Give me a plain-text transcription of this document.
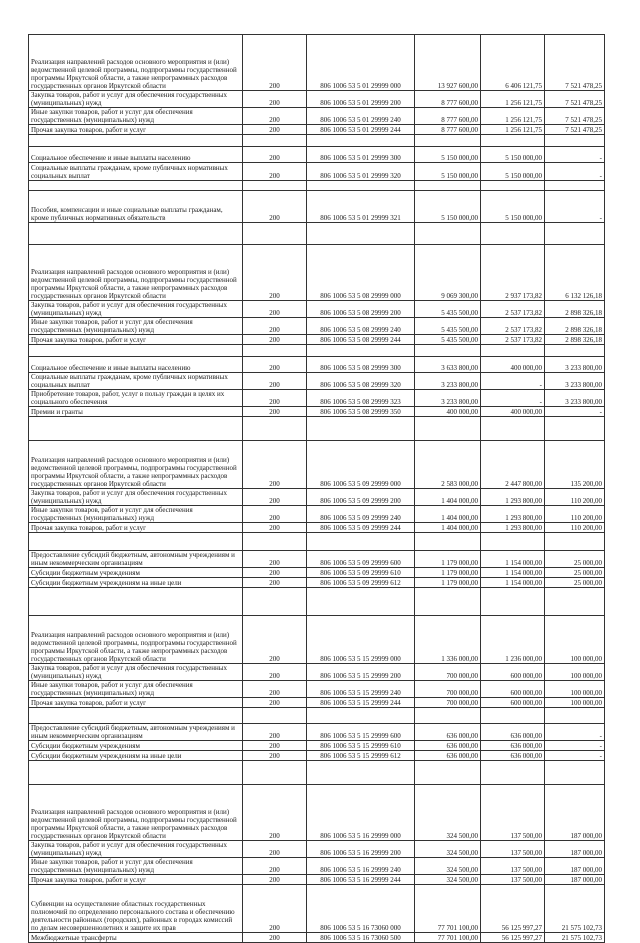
Реализация направлений расходов основного мероприятия и (или) ведомственной целевой программы, подпрограммы государственной программы Иркутской области, а также непрограммных расходов государственных органов Иркутской области	200	806 1006 53 5 01 29999 000	13 927 600,00	6 406 121,75	7 521 478,25
Закупка товаров, работ и услуг для обеспечения государственных (муниципальных) нужд	200	806 1006 53 5 01 29999 200	8 777 600,00	1 256 121,75	7 521 478,25
Иные закупки товаров, работ и услуг для обеспечения государственных (муниципальных) нужд	200	806 1006 53 5 01 29999 240	8 777 600,00	1 256 121,75	7 521 478,25
Прочая закупка товаров, работ и услуг	200	806 1006 53 5 01 29999 244	8 777 600,00	1 256 121,75	7 521 478,25

Социальное обеспечение и иные выплаты населению	200	806 1006 53 5 01 29999 300	5 150 000,00	5 150 000,00	-
Социальные выплаты гражданам, кроме публичных нормативных социальных выплат	200	806 1006 53 5 01 29999 320	5 150 000,00	5 150 000,00	-

Пособия, компенсации и иные социальные выплаты гражданам, кроме публичных нормативных обязательств	200	806 1006 53 5 01 29999 321	5 150 000,00	5 150 000,00	-

Реализация направлений расходов основного мероприятия и (или) ведомственной целевой программы, подпрограммы государственной программы Иркутской области, а также непрограммных расходов государственных органов Иркутской области	200	806 1006 53 5 08 29999 000	9 069 300,00	2 937 173,82	6 132 126,18
Закупка товаров, работ и услуг для обеспечения государственных (муниципальных) нужд	200	806 1006 53 5 08 29999 200	5 435 500,00	2 537 173,82	2 898 326,18
Иные закупки товаров, работ и услуг для обеспечения государственных (муниципальных) нужд	200	806 1006 53 5 08 29999 240	5 435 500,00	2 537 173,82	2 898 326,18
Прочая закупка товаров, работ и услуг	200	806 1006 53 5 08 29999 244	5 435 500,00	2 537 173,82	2 898 326,18

Социальное обеспечение и иные выплаты населению	200	806 1006 53 5 08 29999 300	3 633 800,00	400 000,00	3 233 800,00
Социальные выплаты гражданам, кроме публичных нормативных социальных выплат	200	806 1006 53 5 08 29999 320	3 233 800,00	-	3 233 800,00
Приобретение товаров, работ, услуг в пользу граждан в целях их социального обеспечения	200	806 1006 53 5 08 29999 323	3 233 800,00	-	3 233 800,00
Премии и гранты	200	806 1006 53 5 08 29999 350	400 000,00	400 000,00	-

Реализация направлений расходов основного мероприятия и (или) ведомственной целевой программы, подпрограммы государственной программы Иркутской области, а также непрограммных расходов государственных органов Иркутской области	200	806 1006 53 5 09 29999 000	2 583 000,00	2 447 800,00	135 200,00
Закупка товаров, работ и услуг для обеспечения государственных (муниципальных) нужд	200	806 1006 53 5 09 29999 200	1 404 000,00	1 293 800,00	110 200,00
Иные закупки товаров, работ и услуг для обеспечения государственных (муниципальных) нужд	200	806 1006 53 5 09 29999 240	1 404 000,00	1 293 800,00	110 200,00
Прочая закупка товаров, работ и услуг	200	806 1006 53 5 09 29999 244	1 404 000,00	1 293 800,00	110 200,00

Предоставление субсидий бюджетным, автономным учреждениям и иным некоммерческим организациям	200	806 1006 53 5 09 29999 600	1 179 000,00	1 154 000,00	25 000,00
Субсидии бюджетным учреждениям	200	806 1006 53 5 09 29999 610	1 179 000,00	1 154 000,00	25 000,00
Субсидии бюджетным учреждениям на иные цели	200	806 1006 53 5 09 29999 612	1 179 000,00	1 154 000,00	25 000,00

Реализация направлений расходов основного мероприятия и (или) ведомственной целевой программы, подпрограммы государственной программы Иркутской области, а также непрограммных расходов государственных органов Иркутской области	200	806 1006 53 5 15 29999 000	1 336 000,00	1 236 000,00	100 000,00
Закупка товаров, работ и услуг для обеспечения государственных (муниципальных) нужд	200	806 1006 53 5 15 29999 200	700 000,00	600 000,00	100 000,00
Иные закупки товаров, работ и услуг для обеспечения государственных (муниципальных) нужд	200	806 1006 53 5 15 29999 240	700 000,00	600 000,00	100 000,00
Прочая закупка товаров, работ и услуг	200	806 1006 53 5 15 29999 244	700 000,00	600 000,00	100 000,00

Предоставление субсидий бюджетным, автономным учреждениям и иным некоммерческим организациям	200	806 1006 53 5 15 29999 600	636 000,00	636 000,00	-
Субсидии бюджетным учреждениям	200	806 1006 53 5 15 29999 610	636 000,00	636 000,00	-
Субсидии бюджетным учреждениям на иные цели	200	806 1006 53 5 15 29999 612	636 000,00	636 000,00	-

Реализация направлений расходов основного мероприятия и (или) ведомственной целевой программы, подпрограммы государственной программы Иркутской области, а также непрограммных расходов государственных органов Иркутской области	200	806 1006 53 5 16 29999 000	324 500,00	137 500,00	187 000,00
Закупка товаров, работ и услуг для обеспечения государственных (муниципальных) нужд	200	806 1006 53 5 16 29999 200	324 500,00	137 500,00	187 000,00
Иные закупки товаров, работ и услуг для обеспечения государственных (муниципальных) нужд	200	806 1006 53 5 16 29999 240	324 500,00	137 500,00	187 000,00
Прочая закупка товаров, работ и услуг	200	806 1006 53 5 16 29999 244	324 500,00	137 500,00	187 000,00
Субвенции на осуществление областных государственных полномочий по определению персонального состава и обеспечению деятельности районных (городских), районных в городах комиссий по делам несовершеннолетних и защите их прав	200	806 1006 53 5 16 73060 000	77 701 100,00	56 125 997,27	21 575 102,73
Межбюджетные трансферты	200	806 1006 53 5 16 73060 500	77 701 100,00	56 125 997,27	21 575 102,73
